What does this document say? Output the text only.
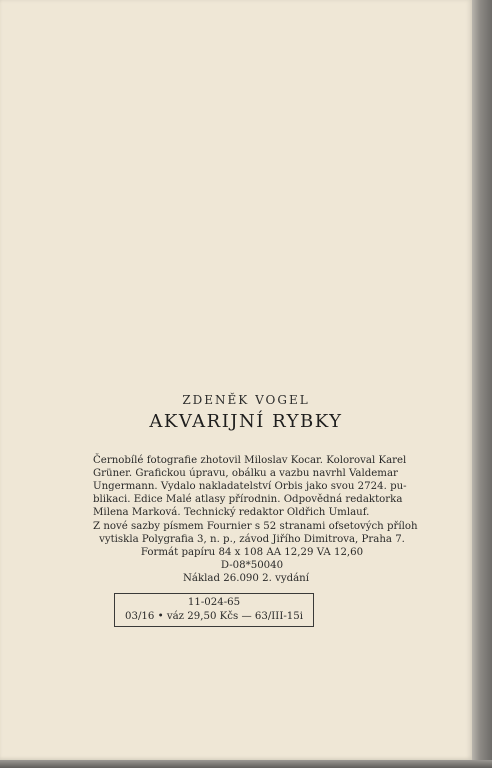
ZDENĚK VOGEL
AKVARIJNÍ RYBKY
Černobílé fotografie zhotovil Miloslav Kocar. Koloroval Karel
Grüner. Grafickou úpravu, obálku a vazbu navrhl Valdemar
Ungermann. Vydalo nakladatelství Orbis jako svou 2724. pu-
blikaci. Edice Malé atlasy přírodnin. Odpovědná redaktorka
Milena Marková. Technický redaktor Oldřich Umlauf.
Z nové sazby písmem Fournier s 52 stranami ofsetových příloh
vytiskla Polygrafia 3, n. p., závod Jiřího Dimitrova, Praha 7.
Formát papíru 84 x 108 AA 12,29 VA 12,60
D-08*50040
Náklad 26.090 2. vydání
11-024-65
03/16 • váz 29,50 Kčs — 63/III-15i
